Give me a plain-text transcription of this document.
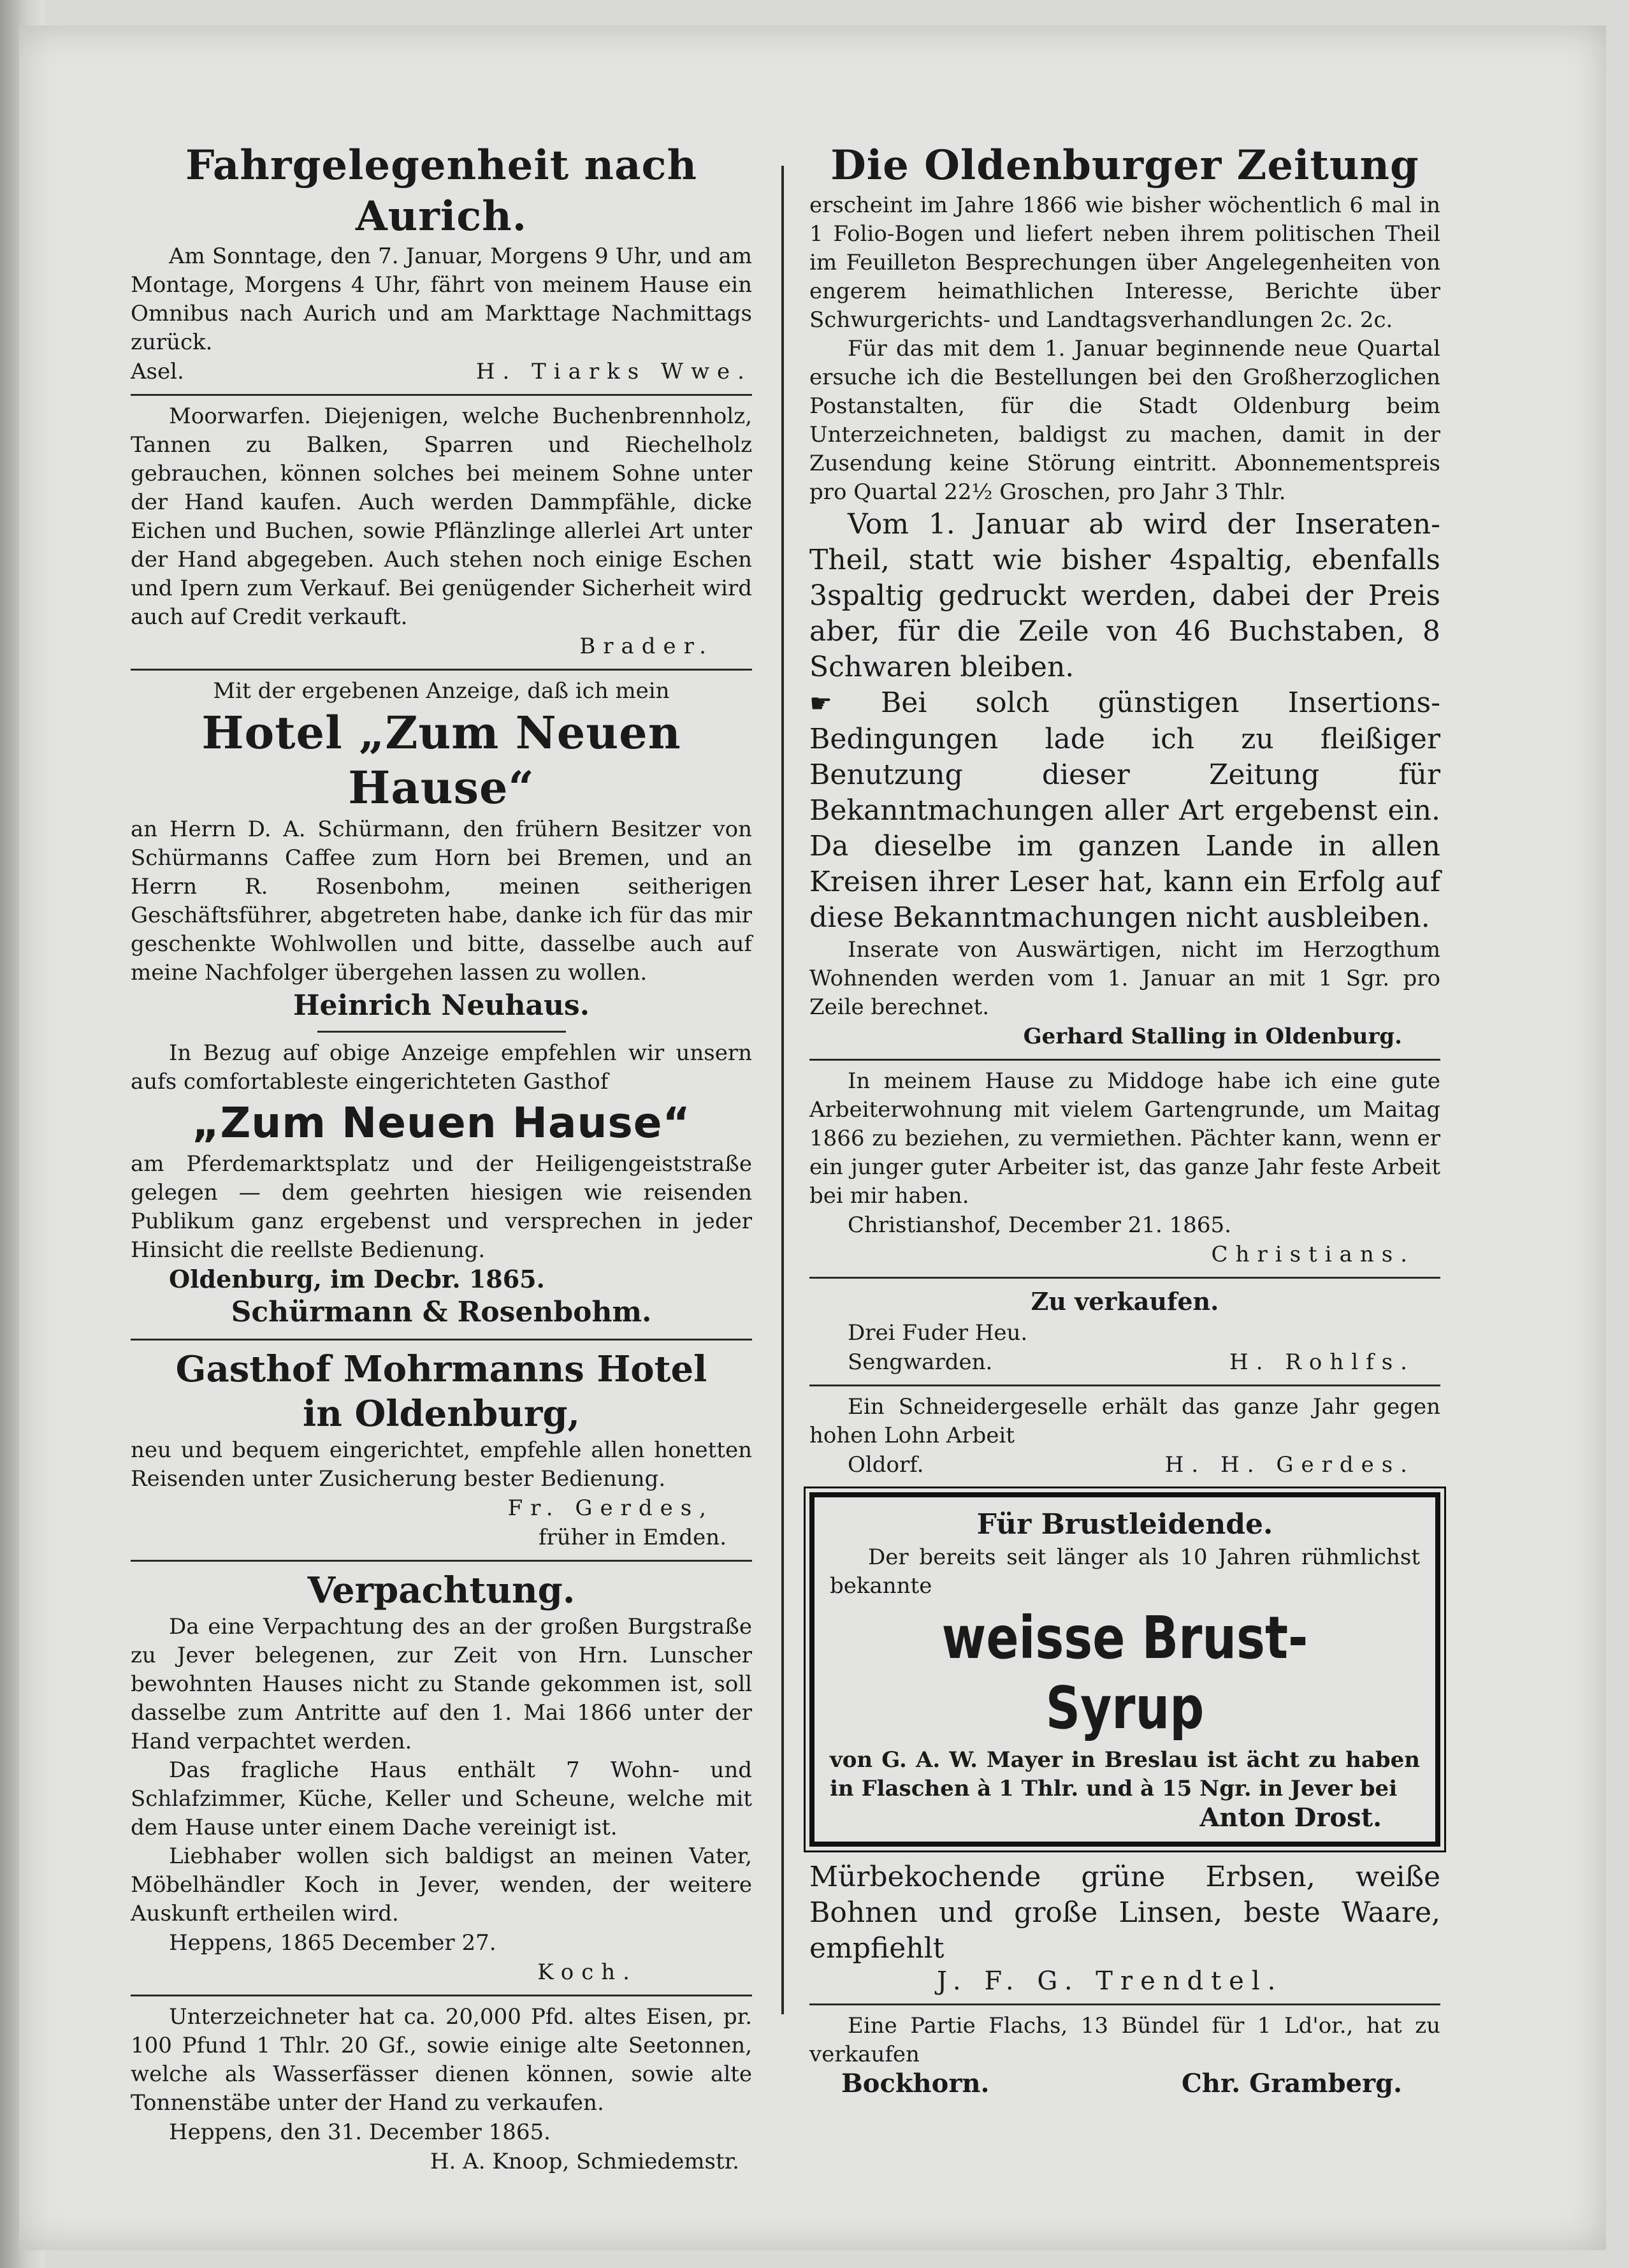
Fahrgelegenheit nach Aurich.

Am Sonntage, den 7. Januar, Morgens 9 Uhr, und am Montage, Morgens 4 Uhr, fährt von meinem Hause ein Omnibus nach Aurich und am Markttage Nachmittags zurück.

Asel.	H. Tiarks Wwe.

Moorwarfen. Diejenigen, welche Buchenbrennholz, Tannen zu Balken, Sparren und Riechelholz gebrauchen, können solches bei meinem Sohne unter der Hand kaufen. Auch werden Dammpfähle, dicke Eichen und Buchen, sowie Pflänzlinge allerlei Art unter der Hand abgegeben. Auch stehen noch einige Eschen und Ipern zum Verkauf. Bei genügender Sicherheit wird auch auf Credit verkauft.

Brader.

Mit der ergebenen Anzeige, daß ich mein

Hotel „Zum Neuen Hause“

an Herrn D. A. Schürmann, den frühern Besitzer von Schürmanns Caffee zum Horn bei Bremen, und an Herrn R. Rosenbohm, meinen seitherigen Geschäftsführer, abgetreten habe, danke ich für das mir geschenkte Wohlwollen und bitte, dasselbe auch auf meine Nachfolger übergehen lassen zu wollen.

Heinrich Neuhaus.

In Bezug auf obige Anzeige empfehlen wir unsern aufs comfortableste eingerichteten Gasthof

„Zum Neuen Hause“

am Pferdemarktsplatz und der Heiligengeiststraße gelegen — dem geehrten hiesigen wie reisenden Publikum ganz ergebenst und versprechen in jeder Hinsicht die reellste Bedienung.

Oldenburg, im Decbr. 1865.

Schürmann & Rosenbohm.

Gasthof Mohrmanns Hotel

in Oldenburg,

neu und bequem eingerichtet, empfehle allen honetten Reisenden unter Zusicherung bester Bedienung.

Fr. Gerdes,

früher in Emden.

Verpachtung.

Da eine Verpachtung des an der großen Burgstraße zu Jever belegenen, zur Zeit von Hrn. Lunscher bewohnten Hauses nicht zu Stande gekommen ist, soll dasselbe zum Antritte auf den 1. Mai 1866 unter der Hand verpachtet werden.

Das fragliche Haus enthält 7 Wohn- und Schlafzimmer, Küche, Keller und Scheune, welche mit dem Hause unter einem Dache vereinigt ist.

Liebhaber wollen sich baldigst an meinen Vater, Möbelhändler Koch in Jever, wenden, der weitere Auskunft ertheilen wird.

Heppens, 1865 December 27.

Koch.

Unterzeichneter hat ca. 20,000 Pfd. altes Eisen, pr. 100 Pfund 1 Thlr. 20 Gf., sowie einige alte Seetonnen, welche als Wasserfässer dienen können, sowie alte Tonnenstäbe unter der Hand zu verkaufen.

Heppens, den 31. December 1865.

H. A. Knoop, Schmiedemstr.

Die Oldenburger Zeitung

erscheint im Jahre 1866 wie bisher wöchentlich 6 mal in 1 Folio-Bogen und liefert neben ihrem politischen Theil im Feuilleton Besprechungen über Angelegenheiten von engerem heimathlichen Interesse, Berichte über Schwurgerichts- und Landtagsverhandlungen 2c. 2c.

Für das mit dem 1. Januar beginnende neue Quartal ersuche ich die Bestellungen bei den Großherzoglichen Postanstalten, für die Stadt Oldenburg beim Unterzeichneten, baldigst zu machen, damit in der Zusendung keine Störung eintritt. Abonnementspreis pro Quartal 22½ Groschen, pro Jahr 3 Thlr.

Vom 1. Januar ab wird der Inseraten-Theil, statt wie bisher 4spaltig, ebenfalls 3spaltig gedruckt werden, dabei der Preis aber, für die Zeile von 46 Buchstaben, 8 Schwaren bleiben.

☛ Bei solch günstigen Insertions-Bedingungen lade ich zu fleißiger Benutzung dieser Zeitung für Bekanntmachungen aller Art ergebenst ein. Da dieselbe im ganzen Lande in allen Kreisen ihrer Leser hat, kann ein Erfolg auf diese Bekanntmachungen nicht ausbleiben.

Inserate von Auswärtigen, nicht im Herzogthum Wohnenden werden vom 1. Januar an mit 1 Sgr. pro Zeile berechnet.

Gerhard Stalling in Oldenburg.

In meinem Hause zu Middoge habe ich eine gute Arbeiterwohnung mit vielem Gartengrunde, um Maitag 1866 zu beziehen, zu vermiethen. Pächter kann, wenn er ein junger guter Arbeiter ist, das ganze Jahr feste Arbeit bei mir haben.

Christianshof, December 21. 1865.

Christians.

Zu verkaufen.

Drei Fuder Heu.

Sengwarden.	H. Rohlfs.

Ein Schneidergeselle erhält das ganze Jahr gegen hohen Lohn Arbeit

Oldorf.	H. H. Gerdes.

Für Brustleidende.

Der bereits seit länger als 10 Jahren rühmlichst bekannte

weisse Brust-Syrup

von G. A. W. Mayer in Breslau ist ächt zu haben in Flaschen à 1 Thlr. und à 15 Ngr. in Jever bei

Anton Drost.

Mürbekochende grüne Erbsen, weiße Bohnen und große Linsen, beste Waare, empfiehlt

J. F. G. Trendtel.

Eine Partie Flachs, 13 Bündel für 1 Ld'or., hat zu verkaufen

Bockhorn.	Chr. Gramberg.
